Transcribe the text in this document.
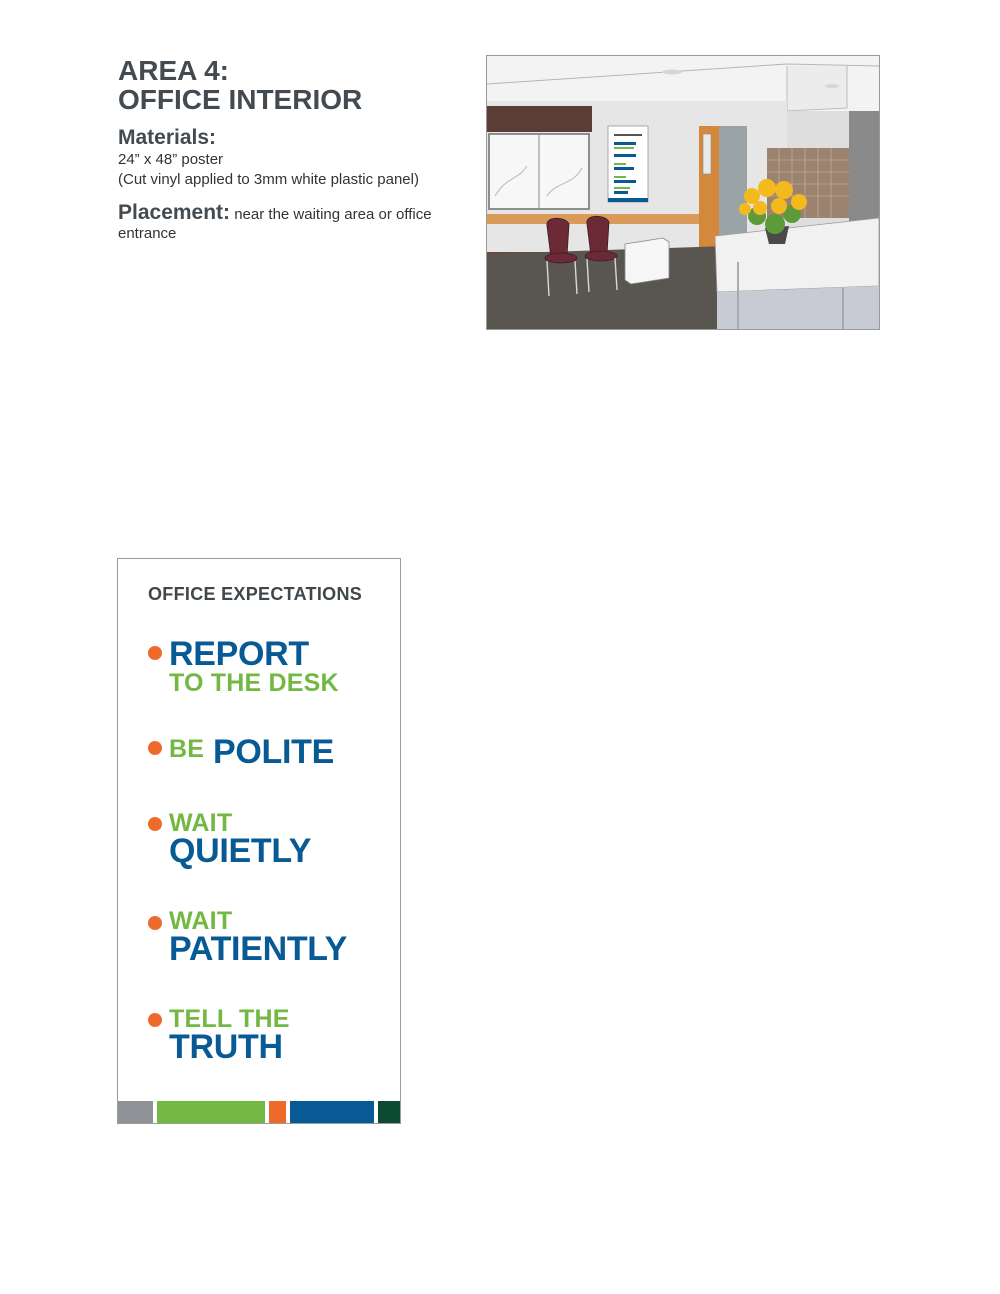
AREA 4:
OFFICE INTERIOR
Materials:
24” x 48” poster
(Cut vinyl applied to 3mm white plastic panel)
Placement: near the waiting area or office entrance
OFFICE EXPECTATIONS
REPORT
TO THE DESK
BE POLITE
WAIT
QUIETLY
WAIT
PATIENTLY
TELL THE
TRUTH
